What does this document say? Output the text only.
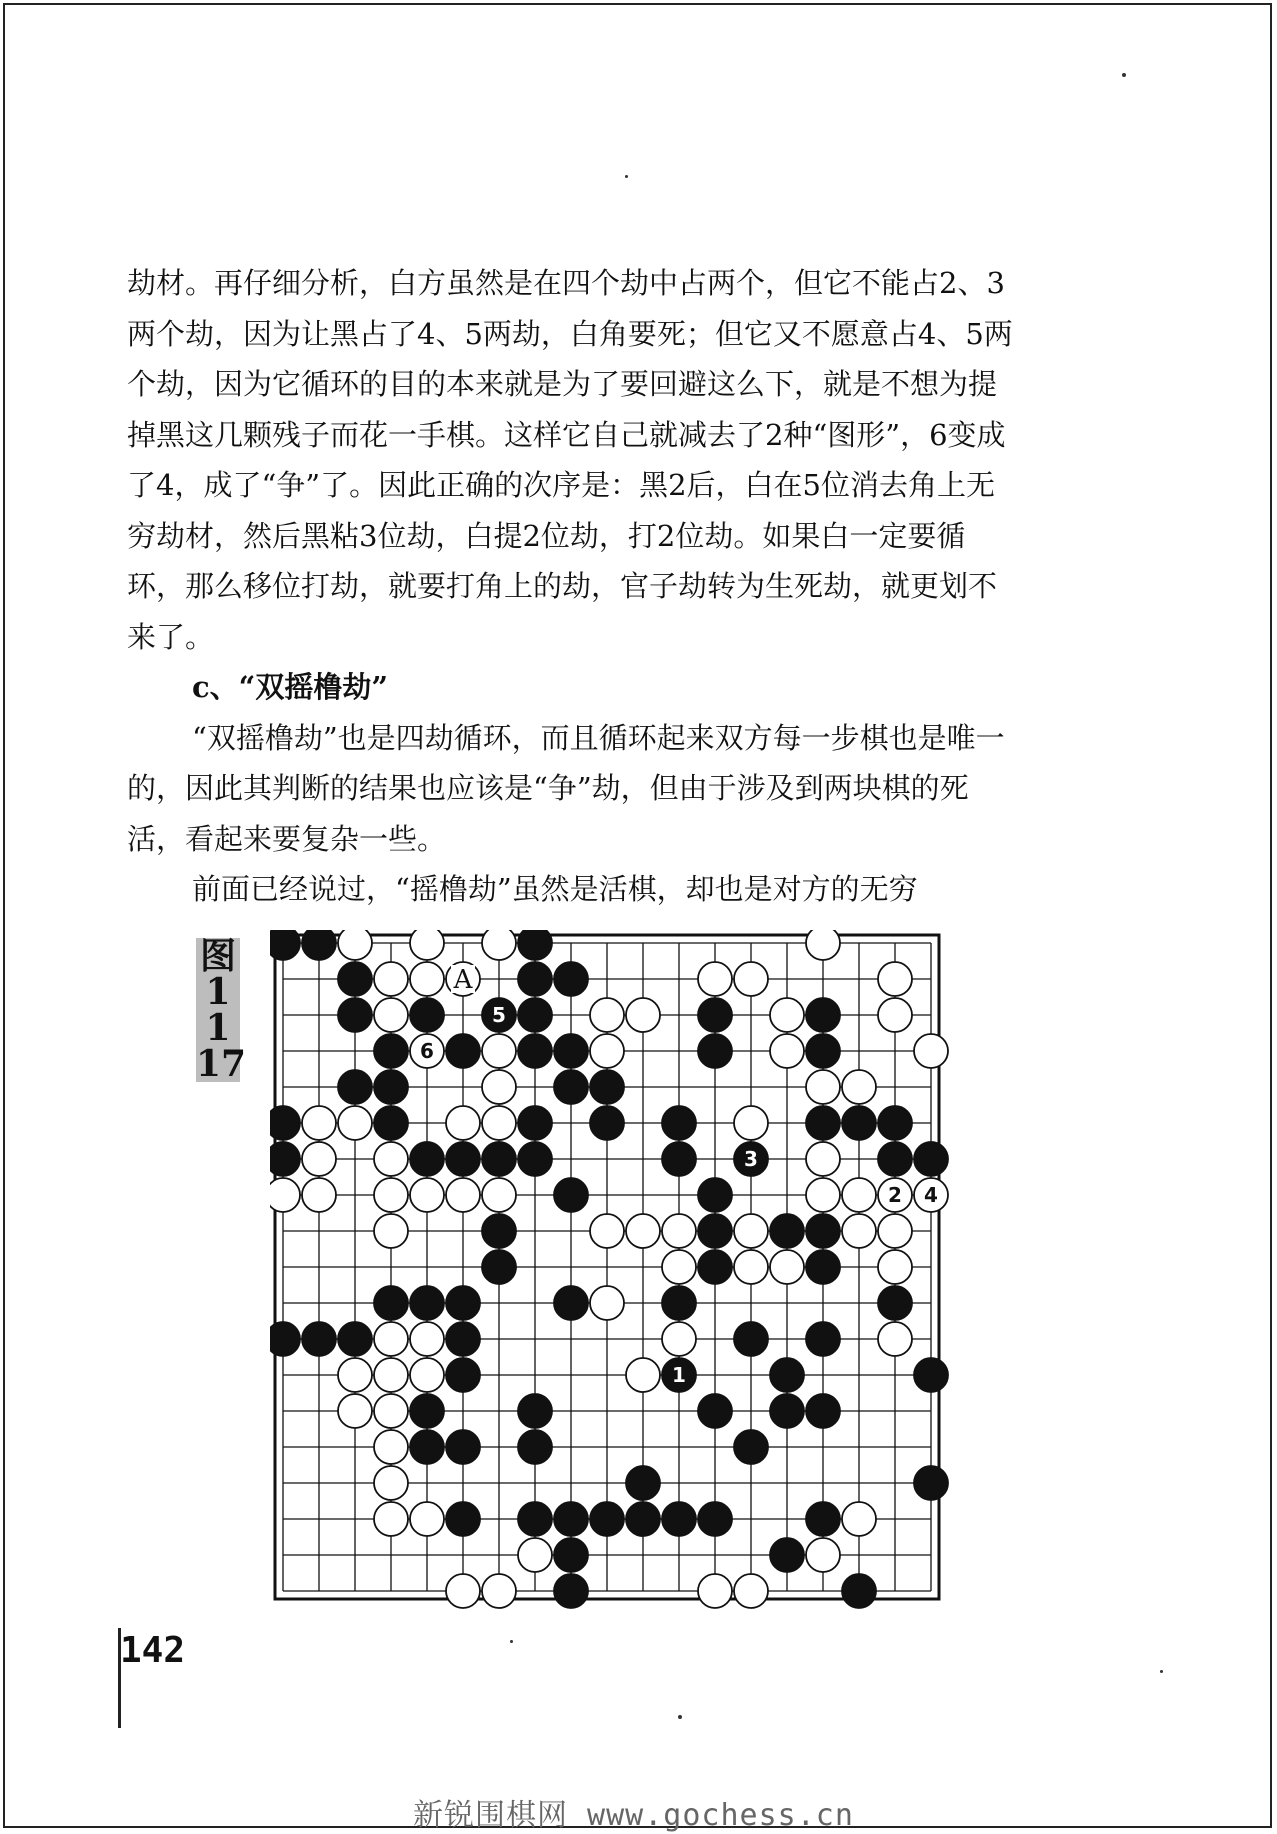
劫材。再仔细分析，白方虽然是在四个劫中占两个，但它不能占2、3两个劫，因为让黑占了4、5两劫，白角要死；但它又不愿意占4、5两个劫，因为它循环的目的本来就是为了要回避这么下，就是不想为提掉黑这几颗残子而花一手棋。这样它自己就减去了2种“图形”，6变成了4，成了“争”了。因此正确的次序是：黑2后，白在5位消去角上无穷劫材，然后黑粘3位劫，白提2位劫，打2位劫。如果白一定要循环，那么移位打劫，就要打角上的劫，官子劫转为生死劫，就更划不来了。

c、“双摇橹劫”

“双摇橹劫”也是四劫循环，而且循环起来双方每一步棋也是唯一的，因此其判断的结果也应该是“争”劫，但由于涉及到两块棋的死活，看起来要复杂一些。

前面已经说过，“摇橹劫”虽然是活棋，却也是对方的无穷

图
1
1
17
1
2
3
4
5
6
A
142
新锐围棋网 www.gochess.cn
